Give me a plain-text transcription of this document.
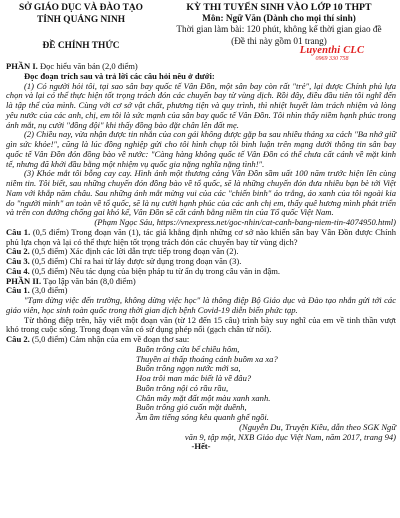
SỞ GIÁO DỤC VÀ ĐÀO TẠO
TỈNH QUẢNG NINH
ĐỀ CHÍNH THỨC
KỲ THI TUYỂN SINH VÀO LỚP 10 THPT
Môn: Ngữ Văn (Dành cho mọi thí sinh)
Thời gian làm bài: 120 phút, không kể thời gian giao đề
(Đề thi này gồm 01 trang)
Luyenthi CLC
0969 330 758

PHẦN I. Đọc hiểu văn bản (2,0 điểm)

Đọc đoạn trích sau và trả lời các câu hỏi nêu ở dưới:

(1) Có người hỏi tôi, tại sao sân bay quốc tế Vân Đồn, một sân bay còn rất "trẻ", lại được Chính phủ lựa chọn và lại có thể thực hiện tốt trọng trách đón các chuyến bay từ vùng dịch. Rồi đây, điều đầu tiên tôi nghĩ đến là tập thể của mình. Cùng với cơ sở vật chất, phương tiện và quy trình, thì nhiệt huyết làm trách nhiệm và lòng yêu nước của các anh, chị, em tôi là sức mạnh của sân bay quốc tế Vân Đồn. Tôi nhìn thấy niềm hạnh phúc trong ánh mắt, nụ cười "đồng đội" khi thấy đồng bào đặt chân lên đất mẹ.

(2) Chiều nay, vừa nhận được tin nhắn của con gái không được gặp ba sau nhiều tháng xa cách "Ba nhớ giữ gìn sức khỏe!", cũng là lúc đồng nghiệp gửi cho tôi hình chụp tôi bình luận trên mạng dưới thông tin sân bay quốc tế Vân Đồn đón đồng bào về nước: "Càng hàng không quốc tế Vân Đồn có thể chưa cất cánh về mặt kinh tế, nhưng đã khởi đầu bằng một nhiệm vụ quốc gia nặng nghĩa nặng tình!".

(3) Khóe mắt tôi bỗng cay cay. Hình ảnh một thương cảng Vân Đồn sầm uất 100 năm trước hiện lên cùng niềm tin. Tôi biết, sau những chuyến đón đồng bào về tổ quốc, sẽ là những chuyến đón đưa nhiều bạn bè tới Việt Nam với khắp năm châu. Sau những ánh mắt mừng vui của các "chiến binh" áo trắng, áo xanh của tôi ngoài kia do "người mình" an toàn về tổ quốc, sẽ là nụ cười hạnh phúc của các anh chị em, thấy quê hương mình phát triển và trên con đường chống gai khó kể, Vân Đồn sẽ cất cánh bằng niềm tin của Tổ quốc Việt Nam.

(Phạm Ngọc Sáu, https://vnexpress.net/goc-nhin/cat-canh-bang-niem-tin-4074950.html)

Câu 1. (0,5 điểm) Trong đoạn văn (1), tác giả khẳng định những cơ sở nào khiến sân bay Vân Đồn được Chính phủ lựa chọn và lại có thể thực hiện tốt trọng trách đón các chuyến bay từ vùng dịch?

Câu 2. (0,5 điểm) Xác định các lời dẫn trực tiếp trong đoạn văn (2).

Câu 3. (0,5 điểm) Chỉ ra hai từ láy được sử dụng trong đoạn văn (3).

Câu 4. (0,5 điểm) Nêu tác dụng của biện pháp tu từ ẩn dụ trong câu văn in đậm.

PHẦN II. Tạo lập văn bản (8,0 điểm)

Câu 1. (3,0 điểm)

"Tạm dừng việc đến trường, không dừng việc học" là thông điệp Bộ Giáo dục và Đào tạo nhắn gửi tới các giáo viên, học sinh toàn quốc trong thời gian dịch bệnh Covid-19 diễn biến phức tạp.

Từ thông điệp trên, hãy viết một đoạn văn (từ 12 đến 15 câu) trình bày suy nghĩ của em về tinh thần vượt khó trong cuộc sống. Trong đoạn văn có sử dụng phép nối (gạch chân từ nối).

Câu 2. (5,0 điểm) Cảm nhận của em về đoạn thơ sau:

Buồn trông cửa bể chiều hôm,

Thuyền ai thấp thoáng cánh buồm xa xa?

Buồn trông ngọn nước mới sa,

Hoa trôi man mác biết là về đâu?

Buồn trông nội cỏ rầu rầu,

Chân mây mặt đất một màu xanh xanh.

Buồn trông gió cuốn mặt duềnh,

Ầm ầm tiếng sóng kêu quanh ghế ngồi.

(Nguyễn Du, Truyện Kiều, dẫn theo SGK Ngữ

văn 9, tập một, NXB Giáo dục Việt Nam, năm 2017, trang 94)

-Hết-
